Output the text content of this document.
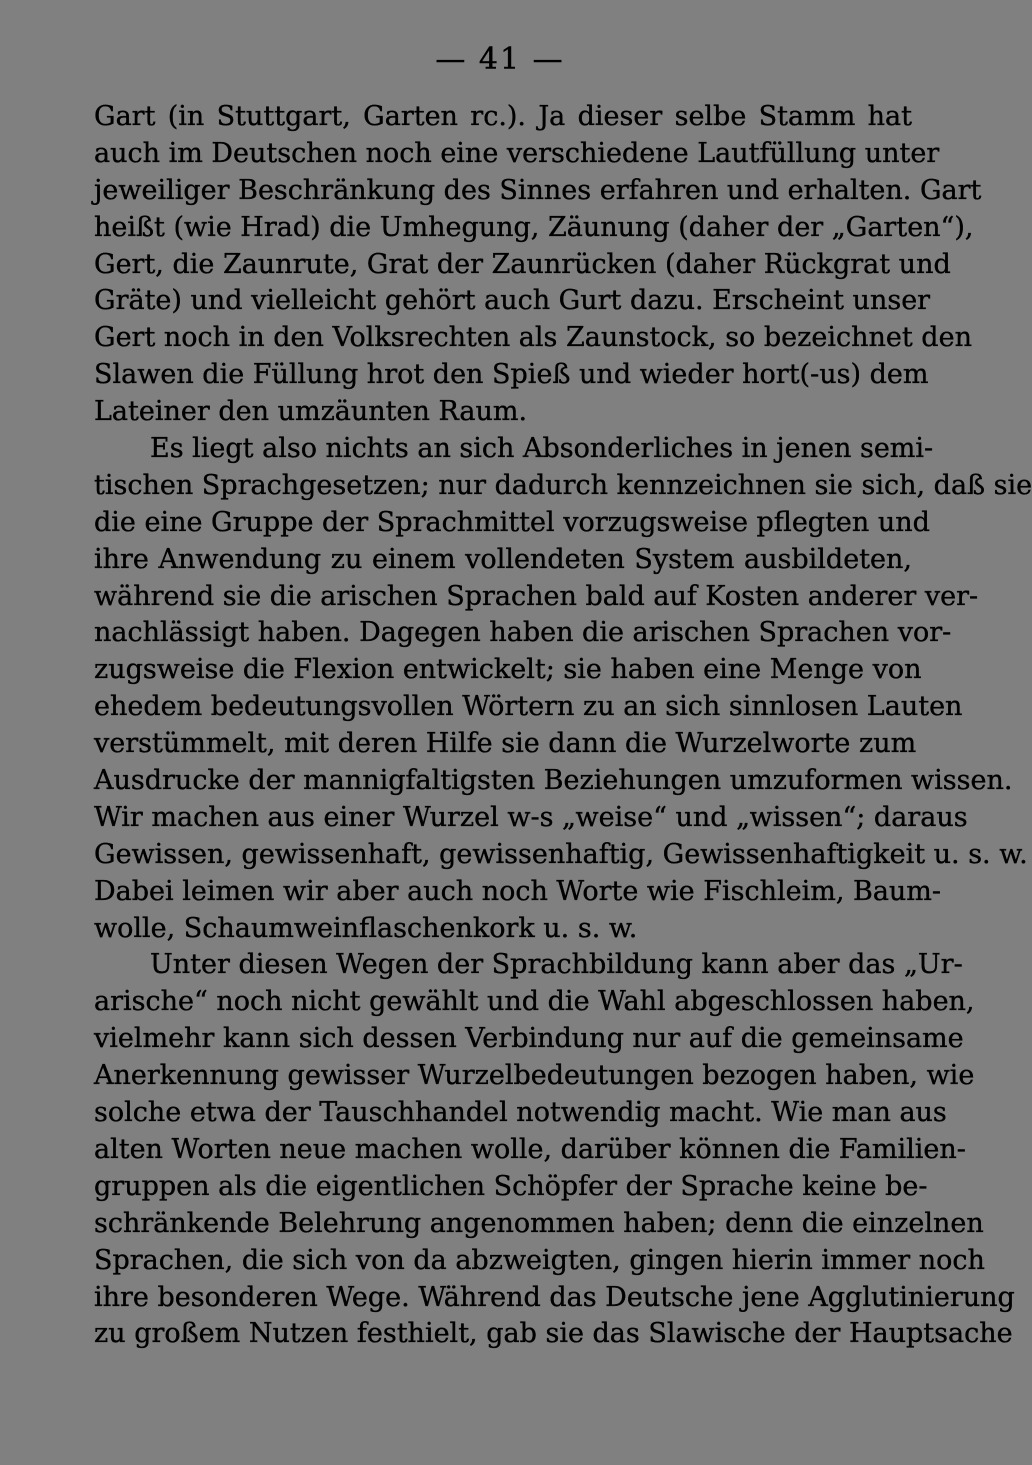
— 41 —
Gart (in Stuttgart, Garten rc.). Ja dieser selbe Stamm hat
auch im Deutschen noch eine verschiedene Lautfüllung unter
jeweiliger Beschränkung des Sinnes erfahren und erhalten. Gart
heißt (wie Hrad) die Umhegung, Zäunung (daher der „Garten“),
Gert, die Zaunrute, Grat der Zaunrücken (daher Rückgrat und
Gräte) und vielleicht gehört auch Gurt dazu. Erscheint unser
Gert noch in den Volksrechten als Zaunstock, so bezeichnet den
Slawen die Füllung hrot den Spieß und wieder hort(-us) dem
Lateiner den umzäunten Raum.
Es liegt also nichts an sich Absonderliches in jenen semi-
tischen Sprachgesetzen; nur dadurch kennzeichnen sie sich, daß sie
die eine Gruppe der Sprachmittel vorzugsweise pflegten und
ihre Anwendung zu einem vollendeten System ausbildeten,
während sie die arischen Sprachen bald auf Kosten anderer ver-
nachlässigt haben. Dagegen haben die arischen Sprachen vor-
zugsweise die Flexion entwickelt; sie haben eine Menge von
ehedem bedeutungsvollen Wörtern zu an sich sinnlosen Lauten
verstümmelt, mit deren Hilfe sie dann die Wurzelworte zum
Ausdrucke der mannigfaltigsten Beziehungen umzuformen wissen.
Wir machen aus einer Wurzel w-s „weise“ und „wissen“; daraus
Gewissen, gewissenhaft, gewissenhaftig, Gewissenhaftigkeit u. s. w.
Dabei leimen wir aber auch noch Worte wie Fischleim, Baum-
wolle, Schaumweinflaschenkork u. s. w.
Unter diesen Wegen der Sprachbildung kann aber das „Ur-
arische“ noch nicht gewählt und die Wahl abgeschlossen haben,
vielmehr kann sich dessen Verbindung nur auf die gemeinsame
Anerkennung gewisser Wurzelbedeutungen bezogen haben, wie
solche etwa der Tauschhandel notwendig macht. Wie man aus
alten Worten neue machen wolle, darüber können die Familien-
gruppen als die eigentlichen Schöpfer der Sprache keine be-
schränkende Belehrung angenommen haben; denn die einzelnen
Sprachen, die sich von da abzweigten, gingen hierin immer noch
ihre besonderen Wege. Während das Deutsche jene Agglutinierung
zu großem Nutzen festhielt, gab sie das Slawische der Hauptsache
